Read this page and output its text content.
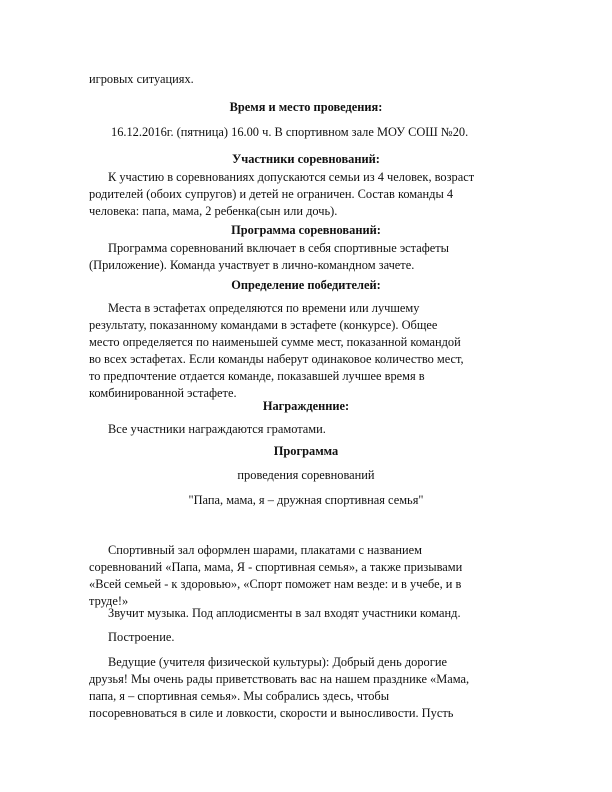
игровых ситуациях.
Время и место проведения:
16.12.2016г. (пятница) 16.00 ч. В спортивном зале МОУ СОШ №20.
Участники соревнований:
К участию в соревнованиях допускаются семьи из 4 человек, возраст
родителей (обоих супругов) и детей не ограничен. Состав команды 4
человека: папа, мама, 2 ребенка(сын или дочь).
Программа соревнований:
Программа соревнований включает в себя спортивные эстафеты
(Приложение). Команда участвует в лично-командном зачете.
Определение победителей:
Места в эстафетах определяются по времени или лучшему
результату, показанному командами в эстафете (конкурсе). Общее
место определяется по наименьшей сумме мест, показанной командой
во всех эстафетах. Если команды наберут одинаковое количество мест,
то предпочтение отдается команде, показавшей лучшее время в
комбинированной эстафете.
Награжденние:
Все участники награждаются грамотами.
Программа
проведения соревнований
"Папа, мама, я – дружная спортивная семья"
Спортивный зал оформлен шарами, плакатами с названием
соревнований «Папа, мама, Я - спортивная семья», а также призывами
«Всей семьей - к здоровью», «Спорт поможет нам везде: и в учебе, и в
труде!»
Звучит музыка. Под аплодисменты в зал входят участники команд.
Построение.
Ведущие (учителя физической культуры): Добрый день дорогие
друзья! Мы очень рады приветствовать вас на нашем празднике «Мама,
папа, я – спортивная семья». Мы собрались здесь, чтобы
посоревноваться в силе и ловкости, скорости и выносливости. Пусть
